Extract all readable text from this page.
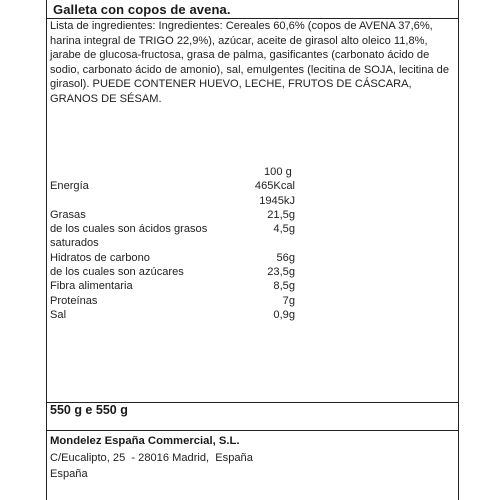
Galleta con copos de avena.
Lista de ingredientes: Ingredientes: Cereales 60,6% (copos de AVENA 37,6%, harina integral de TRIGO 22,9%), azúcar, aceite de girasol alto oleico 11,8%, jarabe de glucosa-fructosa, grasa de palma, gasificantes (carbonato ácido de sodio, carbonato ácido de amonio), sal, emulgentes (lecitina de SOJA, lecitina de girasol). PUEDE CONTENER HUEVO, LECHE, FRUTOS DE CÁSCARA, GRANOS DE SÉSAM.
100 g
Energía	465Kcal
1945kJ
Grasas	21,5g
de los cuales son ácidos grasos	4,5g
saturados
Hidratos de carbono	56g
de los cuales son azúcares	23,5g
Fibra alimentaria	8,5g
Proteínas	7g
Sal	0,9g
550 g e 550 g
Mondelez España Commercial, S.L.
C/Eucalipto, 25  - 28016 Madrid,  España
España
